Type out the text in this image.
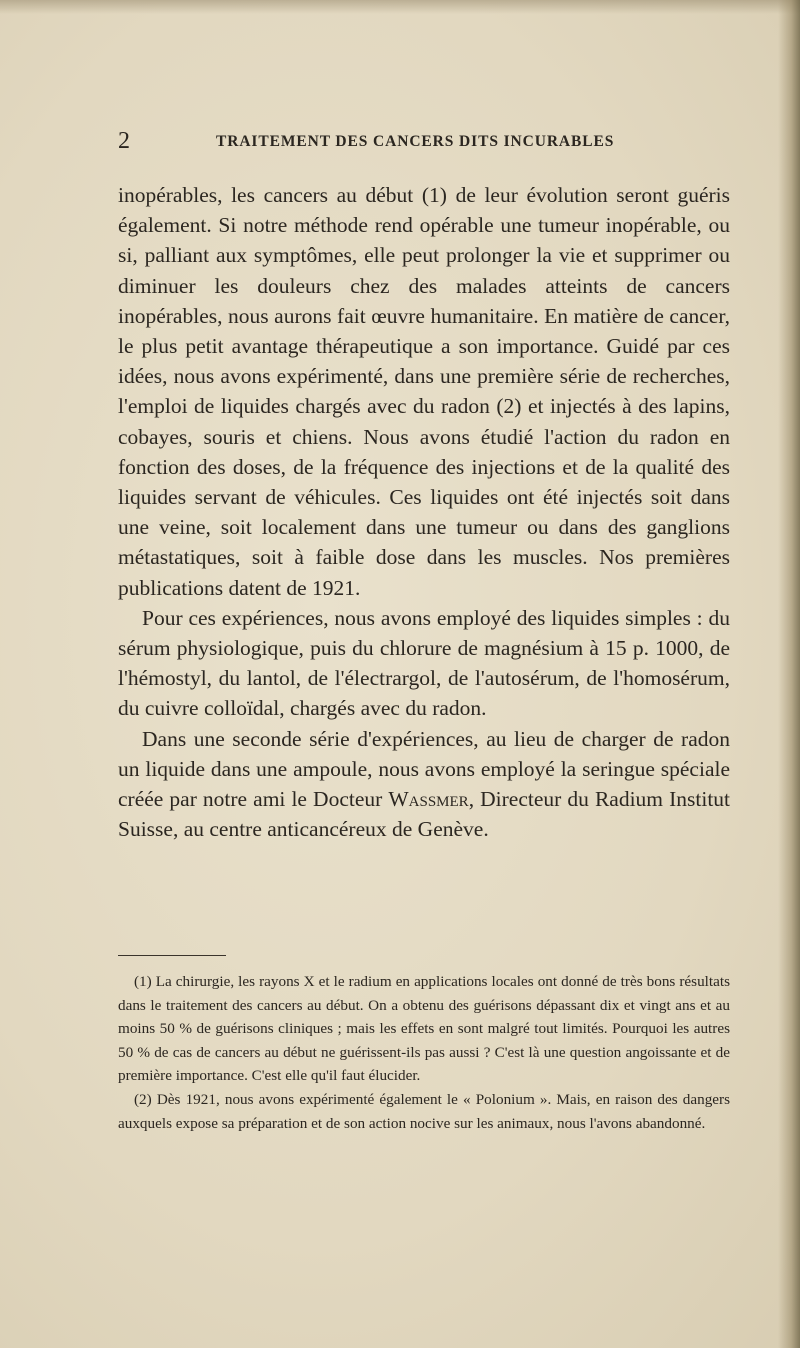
2	TRAITEMENT DES CANCERS DITS INCURABLES

inopérables, les cancers au début (1) de leur évolution seront guéris également. Si notre méthode rend opérable une tumeur inopérable, ou si, palliant aux symptômes, elle peut prolonger la vie et supprimer ou diminuer les douleurs chez des malades atteints de cancers inopérables, nous aurons fait œuvre humanitaire. En matière de cancer, le plus petit avantage thérapeutique a son importance. Guidé par ces idées, nous avons expérimenté, dans une première série de recherches, l'emploi de liquides chargés avec du radon (2) et injectés à des lapins, cobayes, souris et chiens. Nous avons étudié l'action du radon en fonction des doses, de la fréquence des injections et de la qualité des liquides servant de véhicules. Ces liquides ont été injectés soit dans une veine, soit localement dans une tumeur ou dans des ganglions métastatiques, soit à faible dose dans les muscles. Nos premières publications datent de 1921.

Pour ces expériences, nous avons employé des liquides simples : du sérum physiologique, puis du chlorure de magnésium à 15 p. 1000, de l'hémostyl, du lantol, de l'électrargol, de l'autosérum, de l'homosérum, du cuivre colloïdal, chargés avec du radon.

Dans une seconde série d'expériences, au lieu de charger de radon un liquide dans une ampoule, nous avons employé la seringue spéciale créée par notre ami le Docteur Wassmer, Directeur du Radium Institut Suisse, au centre anticancéreux de Genève.

(1) La chirurgie, les rayons X et le radium en applications locales ont donné de très bons résultats dans le traitement des cancers au début. On a obtenu des guérisons dépassant dix et vingt ans et au moins 50 % de guérisons cliniques ; mais les effets en sont malgré tout limités. Pourquoi les autres 50 % de cas de cancers au début ne guérissent-ils pas aussi ? C'est là une question angoissante et de première importance. C'est elle qu'il faut élucider.

(2) Dès 1921, nous avons expérimenté également le « Polonium ». Mais, en raison des dangers auxquels expose sa préparation et de son action nocive sur les animaux, nous l'avons abandonné.
